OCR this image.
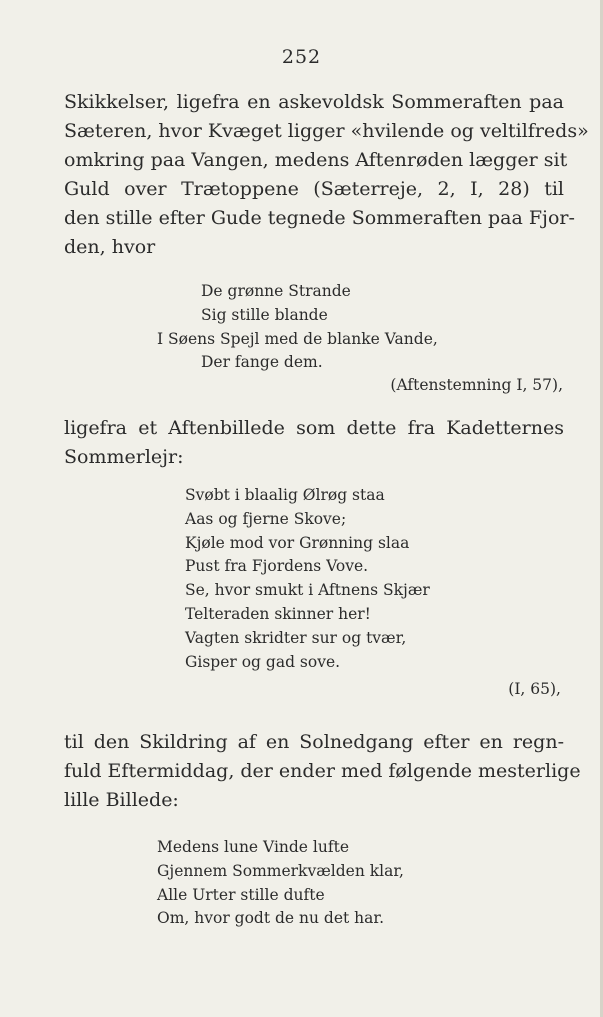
252
Skikkelser, ligefra en askevoldsk Sommeraften paa
Sæteren, hvor Kvæget ligger «hvilende og veltilfreds»
omkring paa Vangen, medens Aftenrøden lægger sit
Guld over Trætoppene (Sæterreje, 2, I, 28) til
den stille efter Gude tegnede Sommeraften paa Fjor-
den, hvor
De grønne Strande
Sig stille blande
I Søens Spejl med de blanke Vande,
Der fange dem.
(Aftenstemning I, 57),
ligefra et Aftenbillede som dette fra Kadetternes
Sommerlejr:
Svøbt i blaalig Ølrøg staa
Aas og fjerne Skove;
Kjøle mod vor Grønning slaa
Pust fra Fjordens Vove.
Se, hvor smukt i Aftnens Skjær
Telteraden skinner her!
Vagten skridter sur og tvær,
Gisper og gad sove.
(I, 65),
til den Skildring af en Solnedgang efter en regn-
fuld Eftermiddag, der ender med følgende mesterlige
lille Billede:
Medens lune Vinde lufte
Gjennem Sommerkvælden klar,
Alle Urter stille dufte
Om, hvor godt de nu det har.
